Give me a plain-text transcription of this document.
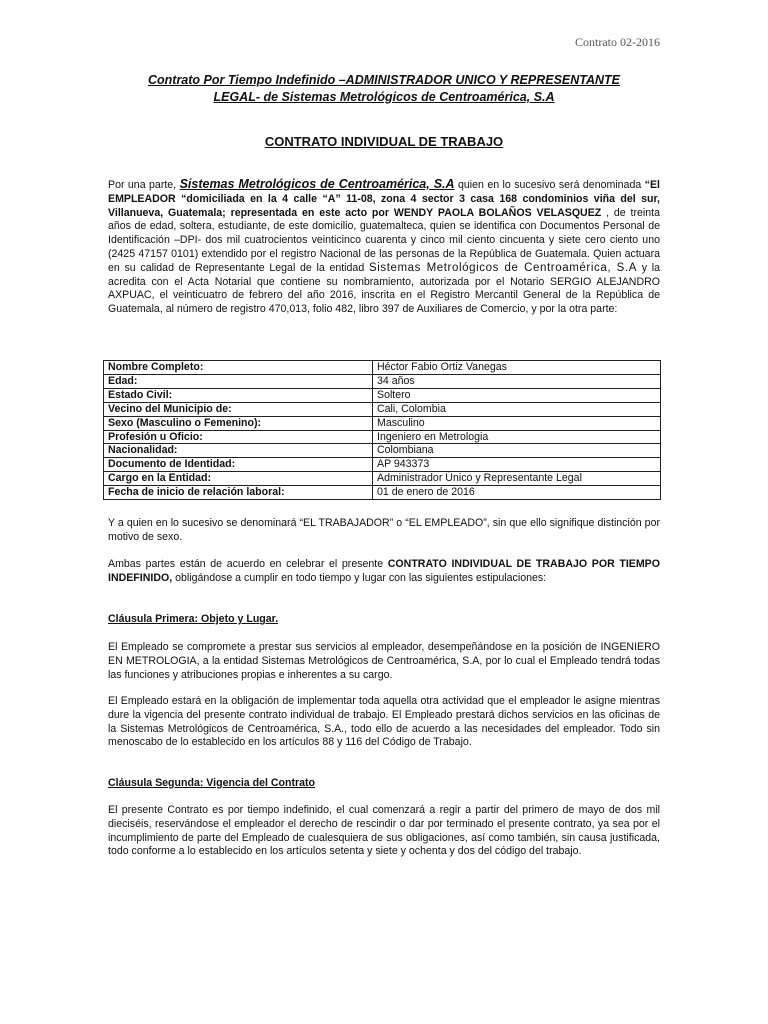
Contrato 02-2016
Contrato Por Tiempo Indefinido –ADMINISTRADOR UNICO Y REPRESENTANTE
LEGAL- de Sistemas Metrológicos de Centroamérica, S.A
CONTRATO INDIVIDUAL DE TRABAJO
Por una parte, Sistemas Metrológicos de Centroamérica, S.A quien en lo sucesivo será denominada “El EMPLEADOR “domiciliada en la 4 calle “A” 11-08, zona 4 sector 3 casa 168 condominios viña del sur, Villanueva, Guatemala; representada en este acto por WENDY PAOLA BOLAÑOS VELASQUEZ , de treinta años de edad, soltera, estudiante, de este domicilio, guatemalteca, quien se identifica con Documentos Personal de Identificación –DPI- dos mil cuatrocientos veinticinco cuarenta y cinco mil ciento cincuenta y siete cero ciento uno (2425 47157 0101) extendido por el registro Nacional de las personas de la República de Guatemala. Quien actuara en su calidad de Representante Legal de la entidad Sistemas Metrológicos de Centroamérica, S.A y la acredita con el Acta Notarial que contiene su nombramiento, autorizada por el Notario SERGIO ALEJANDRO AXPUAC, el veinticuatro de febrero del año 2016, inscrita en el Registro Mercantil General de la República de Guatemala, al número de registro 470,013, folio 482, libro 397 de Auxiliares de Comercio, y por la otra parte:
Nombre Completo:	Héctor Fabio Ortiz Vanegas
Edad:	34 años
Estado Civil:	Soltero
Vecino del Municipio de:	Cali, Colombia
Sexo (Masculino o Femenino):	Masculino
Profesión u Oficio:	Ingeniero en Metrologia
Nacionalidad:	Colombiana
Documento de Identidad:	AP 943373
Cargo en la Entidad:	Administrador Único y Representante Legal
Fecha de inicio de relación laboral:	01 de enero de 2016
Y a quien en lo sucesivo se denominará “EL TRABAJADOR” o “EL EMPLEADO”, sin que ello signifique distinción por motivo de sexo.
Ambas partes están de acuerdo en celebrar el presente CONTRATO INDIVIDUAL DE TRABAJO POR TIEMPO INDEFINIDO, obligándose a cumplir en todo tiempo y lugar con las siguientes estipulaciones:
Cláusula Primera: Objeto y Lugar.
El Empleado se compromete a prestar sus servicios al empleador, desempeñándose en la posición de INGENIERO EN METROLOGIA, a la entidad Sistemas Metrológicos de Centroamérica, S.A, por lo cual el Empleado tendrá todas las funciones y atribuciones propias e inherentes a su cargo.
El Empleado estará en la obligación de implementar toda aquella otra actividad que el empleador le asigne mientras dure la vigencia del presente contrato individual de trabajo. El Empleado prestará dichos servicios en las oficinas de la Sistemas Metrológicos de Centroamérica, S.A., todo ello de acuerdo a las necesidades del empleador. Todo sin menoscabo de lo establecido en los artículos 88 y 116 del Código de Trabajo.
Cláusula Segunda: Vigencia del Contrato
El presente Contrato es por tiempo indefinido, el cual comenzará a regir a partir del primero de mayo de dos mil dieciséis, reservándose el empleador el derecho de rescindir o dar por terminado el presente contrato, ya sea por el incumplimiento de parte del Empleado de cualesquiera de sus obligaciones, así como también, sin causa justificada, todo conforme a lo establecido en los artículos setenta y siete y ochenta y dos del código del trabajo.
